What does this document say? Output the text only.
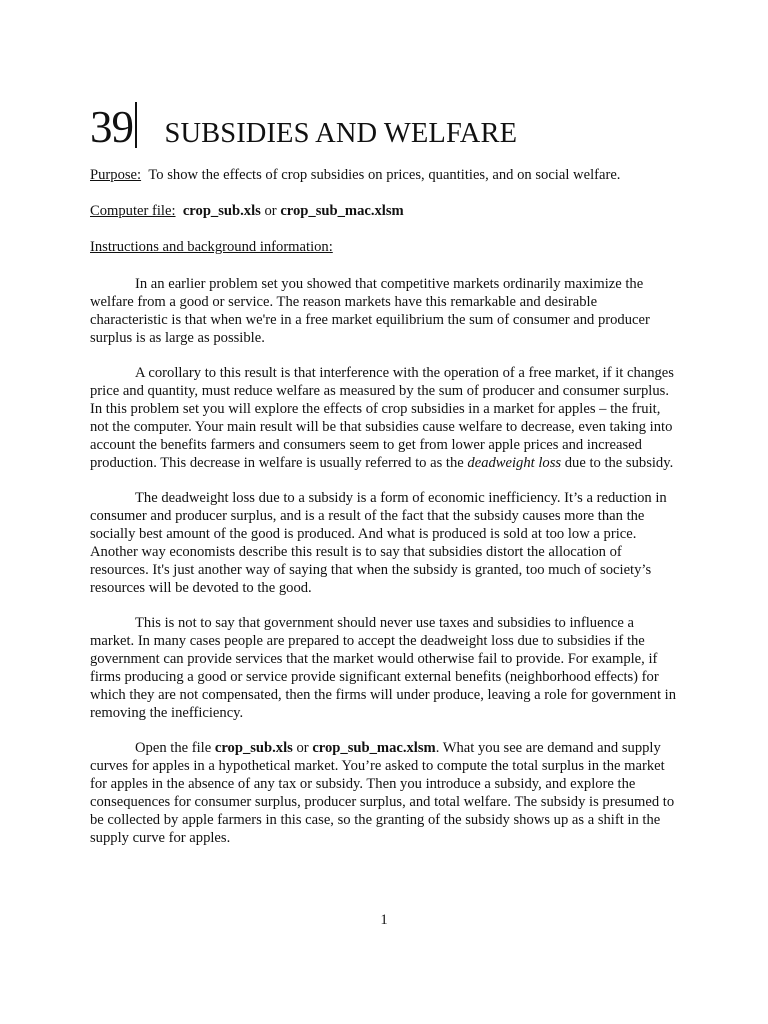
39 SUBSIDIES AND WELFARE
Purpose: To show the effects of crop subsidies on prices, quantities, and on social welfare.
Computer file: crop_sub.xls or crop_sub_mac.xlsm
Instructions and background information:

In an earlier problem set you showed that competitive markets ordinarily maximize the welfare from a good or service. The reason markets have this remarkable and desirable characteristic is that when we're in a free market equilibrium the sum of consumer and producer surplus is as large as possible.

A corollary to this result is that interference with the operation of a free market, if it changes price and quantity, must reduce welfare as measured by the sum of producer and consumer surplus. In this problem set you will explore the effects of crop subsidies in a market for apples – the fruit, not the computer. Your main result will be that subsidies cause welfare to decrease, even taking into account the benefits farmers and consumers seem to get from lower apple prices and increased production. This decrease in welfare is usually referred to as the deadweight loss due to the subsidy.

The deadweight loss due to a subsidy is a form of economic inefficiency. It’s a reduction in consumer and producer surplus, and is a result of the fact that the subsidy causes more than the socially best amount of the good is produced. And what is produced is sold at too low a price. Another way economists describe this result is to say that subsidies distort the allocation of resources. It's just another way of saying that when the subsidy is granted, too much of society’s resources will be devoted to the good.

This is not to say that government should never use taxes and subsidies to influence a market. In many cases people are prepared to accept the deadweight loss due to subsidies if the government can provide services that the market would otherwise fail to provide. For example, if firms producing a good or service provide significant external benefits (neighborhood effects) for which they are not compensated, then the firms will under produce, leaving a role for government in removing the inefficiency.

Open the file crop_sub.xls or crop_sub_mac.xlsm. What you see are demand and supply curves for apples in a hypothetical market. You’re asked to compute the total surplus in the market for apples in the absence of any tax or subsidy. Then you introduce a subsidy, and explore the consequences for consumer surplus, producer surplus, and total welfare. The subsidy is presumed to be collected by apple farmers in this case, so the granting of the subsidy shows up as a shift in the supply curve for apples.

1
